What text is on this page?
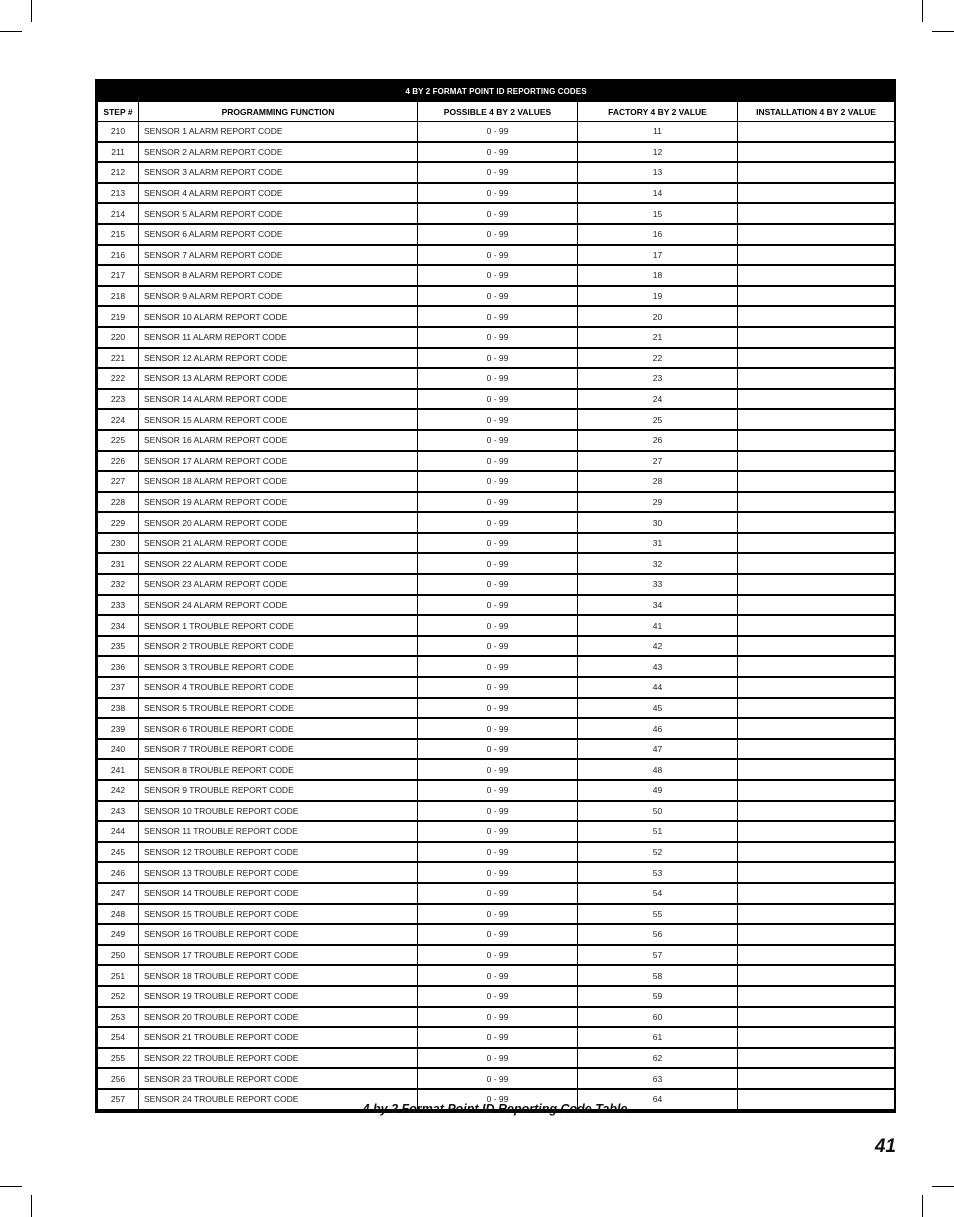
4 BY 2 FORMAT POINT ID REPORTING CODES				
STEP #	PROGRAMMING FUNCTION	POSSIBLE 4 BY 2 VALUES	FACTORY 4 BY 2 VALUE	INSTALLATION 4 BY 2 VALUE
210	SENSOR 1 ALARM REPORT CODE	0 - 99	11	
211	SENSOR 2 ALARM REPORT CODE	0 - 99	12	
212	SENSOR 3 ALARM REPORT CODE	0 - 99	13	
213	SENSOR 4 ALARM REPORT CODE	0 - 99	14	
214	SENSOR 5 ALARM REPORT CODE	0 - 99	15	
215	SENSOR 6 ALARM REPORT CODE	0 - 99	16	
216	SENSOR 7 ALARM REPORT CODE	0 - 99	17	
217	SENSOR 8 ALARM REPORT CODE	0 - 99	18	
218	SENSOR 9 ALARM REPORT CODE	0 - 99	19	
219	SENSOR 10 ALARM REPORT CODE	0 - 99	20	
220	SENSOR 11 ALARM REPORT CODE	0 - 99	21	
221	SENSOR 12 ALARM REPORT CODE	0 - 99	22	
222	SENSOR 13 ALARM REPORT CODE	0 - 99	23	
223	SENSOR 14 ALARM REPORT CODE	0 - 99	24	
224	SENSOR 15 ALARM REPORT CODE	0 - 99	25	
225	SENSOR 16 ALARM REPORT CODE	0 - 99	26	
226	SENSOR 17 ALARM REPORT CODE	0 - 99	27	
227	SENSOR 18 ALARM REPORT CODE	0 - 99	28	
228	SENSOR 19 ALARM REPORT CODE	0 - 99	29	
229	SENSOR 20 ALARM REPORT CODE	0 - 99	30	
230	SENSOR 21 ALARM REPORT CODE	0 - 99	31	
231	SENSOR 22 ALARM REPORT CODE	0 - 99	32	
232	SENSOR 23 ALARM REPORT CODE	0 - 99	33	
233	SENSOR 24 ALARM REPORT CODE	0 - 99	34	
234	SENSOR 1 TROUBLE REPORT CODE	0 - 99	41	
235	SENSOR 2 TROUBLE REPORT CODE	0 - 99	42	
236	SENSOR 3 TROUBLE REPORT CODE	0 - 99	43	
237	SENSOR 4 TROUBLE REPORT CODE	0 - 99	44	
238	SENSOR 5 TROUBLE REPORT CODE	0 - 99	45	
239	SENSOR 6 TROUBLE REPORT CODE	0 - 99	46	
240	SENSOR 7 TROUBLE REPORT CODE	0 - 99	47	
241	SENSOR 8 TROUBLE REPORT CODE	0 - 99	48	
242	SENSOR 9 TROUBLE REPORT CODE	0 - 99	49	
243	SENSOR 10 TROUBLE REPORT CODE	0 - 99	50	
244	SENSOR 11 TROUBLE REPORT CODE	0 - 99	51	
245	SENSOR 12 TROUBLE REPORT CODE	0 - 99	52	
246	SENSOR 13 TROUBLE REPORT CODE	0 - 99	53	
247	SENSOR 14 TROUBLE REPORT CODE	0 - 99	54	
248	SENSOR 15 TROUBLE REPORT CODE	0 - 99	55	
249	SENSOR 16 TROUBLE REPORT CODE	0 - 99	56	
250	SENSOR 17 TROUBLE REPORT CODE	0 - 99	57	
251	SENSOR 18 TROUBLE REPORT CODE	0 - 99	58	
252	SENSOR 19 TROUBLE REPORT CODE	0 - 99	59	
253	SENSOR 20 TROUBLE REPORT CODE	0 - 99	60	
254	SENSOR 21 TROUBLE REPORT CODE	0 - 99	61	
255	SENSOR 22 TROUBLE REPORT CODE	0 - 99	62	
256	SENSOR 23 TROUBLE REPORT CODE	0 - 99	63	
257	SENSOR 24 TROUBLE REPORT CODE	0 - 99	64	
4 by 2 Format Point ID Reporting Code Table
41
